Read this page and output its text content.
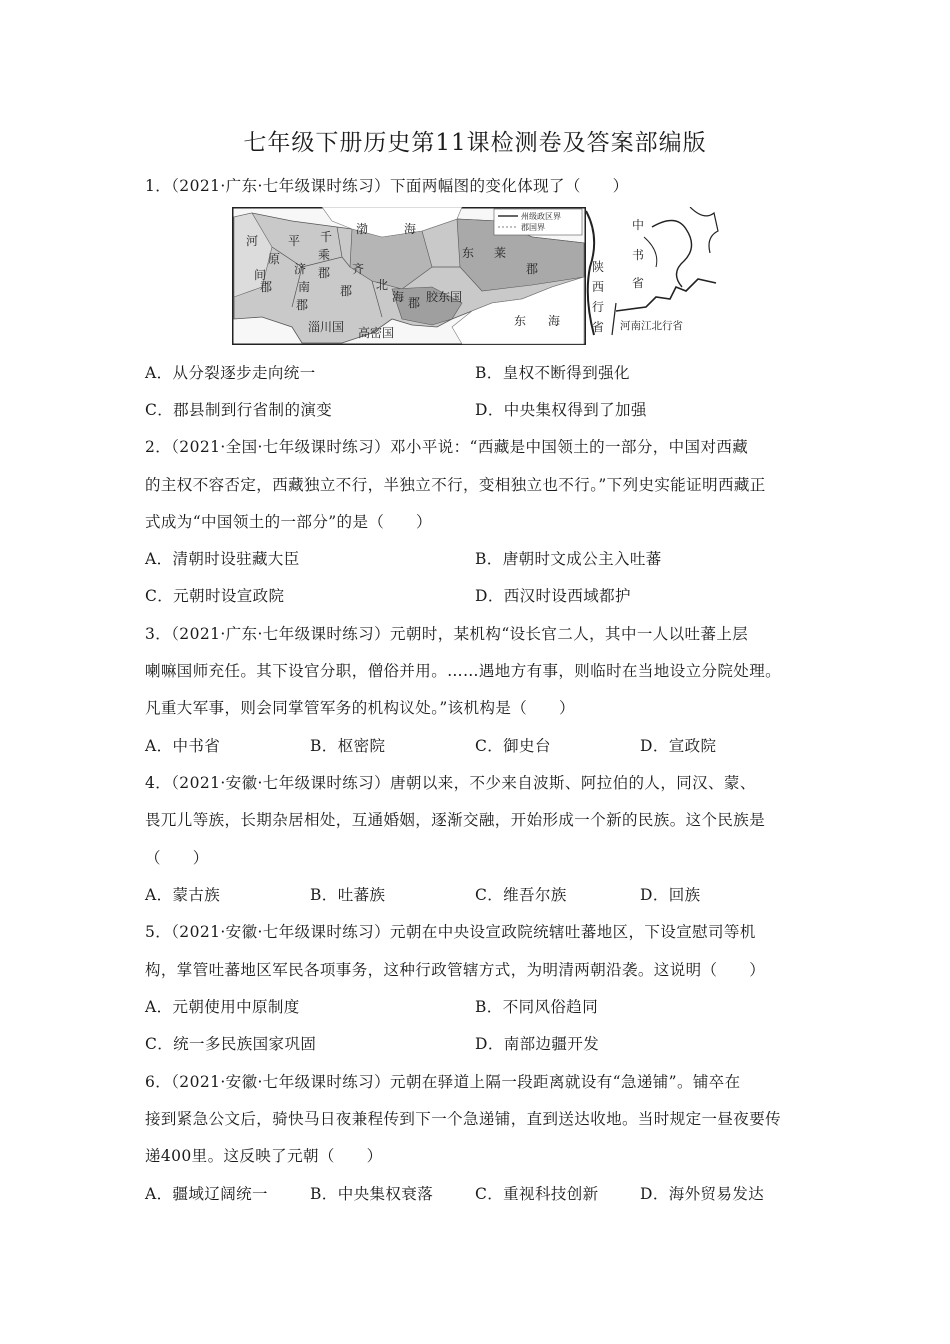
七年级下册历史第11课检测卷及答案部编版
1．（2021·广东·七年级课时练习）下面两幅图的变化体现了（　　）
州级政区界
郡国界
河
间
平
原
郡
千
乘
郡
渤	海
济
南
郡
齐
郡 北
海 郡 胶东国
东 莱
郡
东 海
淄川国 高密国
中
书
省
陕
西
行
省 河南江北行省
A．从分裂逐步走向统一	B．皇权不断得到强化
C．郡县制到行省制的演变	D．中央集权得到了加强
2．（2021·全国·七年级课时练习）邓小平说：“西藏是中国领土的一部分，中国对西藏
的主权不容否定，西藏独立不行，半独立不行，变相独立也不行。”下列史实能证明西藏正
式成为“中国领土的一部分”的是（　　）
A．清朝时设驻藏大臣	B．唐朝时文成公主入吐蕃
C．元朝时设宣政院	D．西汉时设西域都护
3．（2021·广东·七年级课时练习）元朝时，某机构“设长官二人，其中一人以吐蕃上层
喇嘛国师充任。其下设官分职，僧俗并用。……遇地方有事，则临时在当地设立分院处理。
凡重大军事，则会同掌管军务的机构议处。”该机构是（　　）
A．中书省	B．枢密院	C．御史台	D．宣政院
4．（2021·安徽·七年级课时练习）唐朝以来，不少来自波斯、阿拉伯的人，同汉、蒙、
畏兀儿等族，长期杂居相处，互通婚姻，逐渐交融，开始形成一个新的民族。这个民族是
（　　）
A．蒙古族	B．吐蕃族	C．维吾尔族	D．回族
5．（2021·安徽·七年级课时练习）元朝在中央设宣政院统辖吐蕃地区，下设宣慰司等机
构，掌管吐蕃地区军民各项事务，这种行政管辖方式，为明清两朝沿袭。这说明（　　）
A．元朝使用中原制度	B．不同风俗趋同
C．统一多民族国家巩固	D．南部边疆开发
6．（2021·安徽·七年级课时练习）元朝在驿道上隔一段距离就设有“急递铺”。铺卒在
接到紧急公文后，骑快马日夜兼程传到下一个急递铺，直到送达收地。当时规定一昼夜要传
递400里。这反映了元朝（　　）
A．疆域辽阔统一	B．中央集权衰落	C．重视科技创新	D．海外贸易发达
